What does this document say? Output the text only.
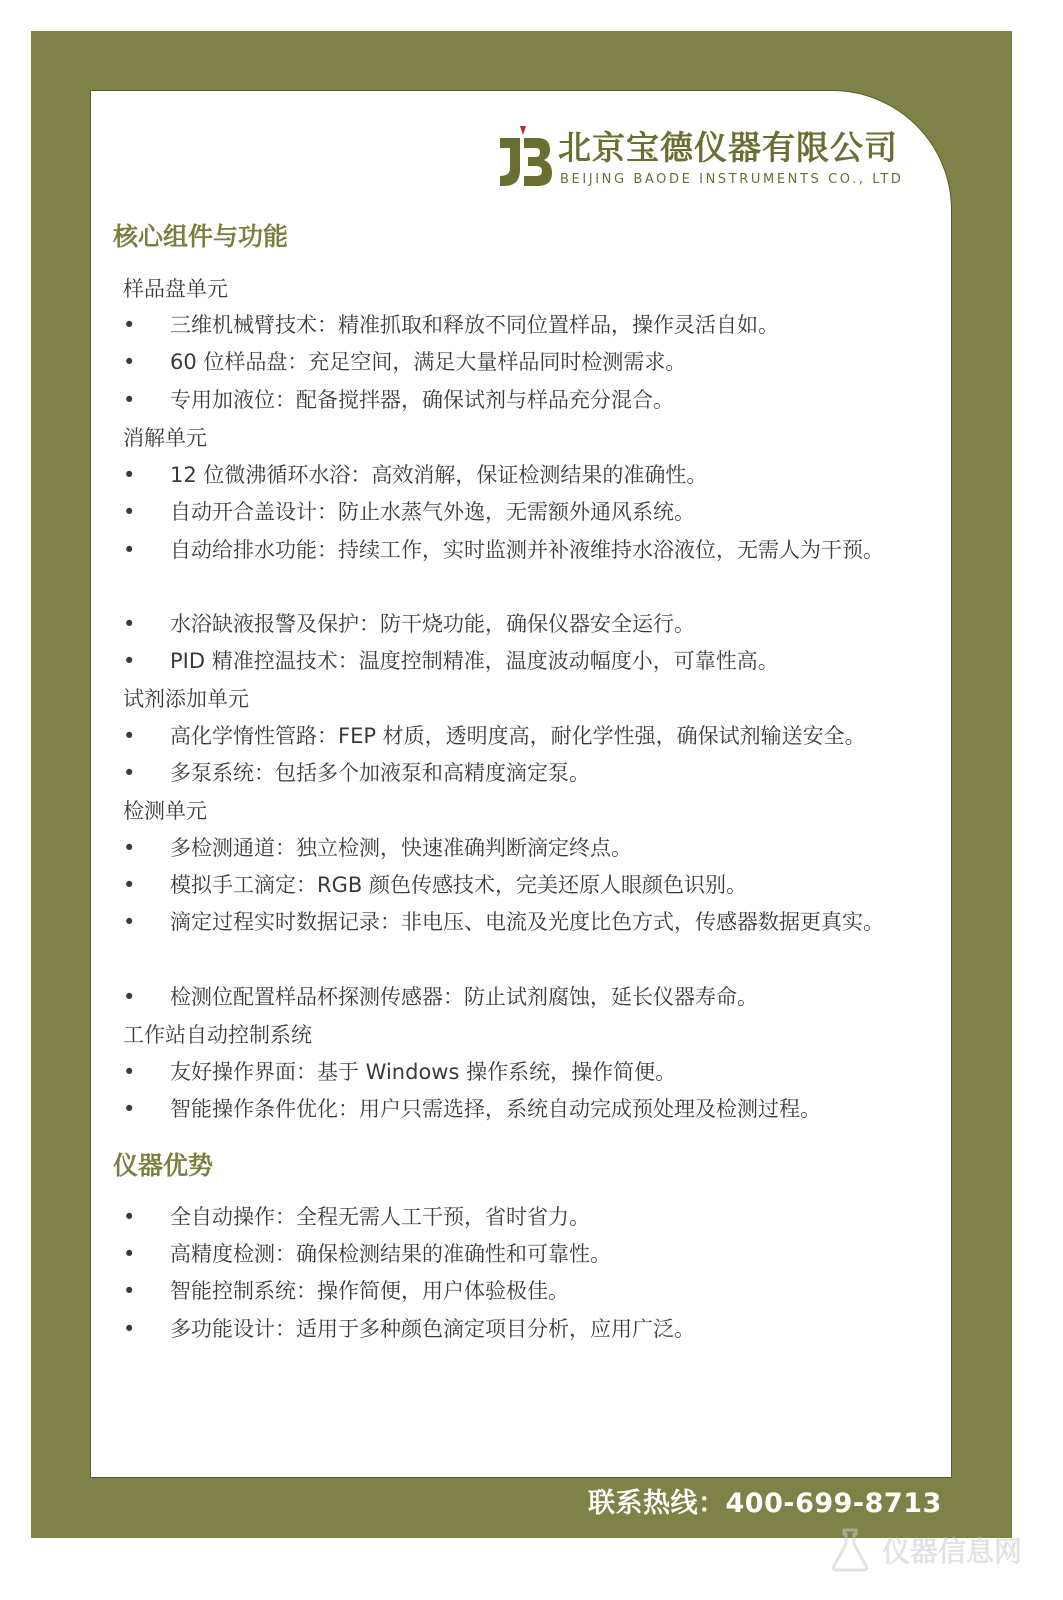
北京宝德仪器有限公司
BEIJING BAODE INSTRUMENTS CO., LTD
核心组件与功能
样品盘单元
• 三维机械臂技术：精准抓取和释放不同位置样品，操作灵活自如。
• 60 位样品盘：充足空间，满足大量样品同时检测需求。
• 专用加液位：配备搅拌器，确保试剂与样品充分混合。
消解单元
• 12 位微沸循环水浴：高效消解，保证检测结果的准确性。
• 自动开合盖设计：防止水蒸气外逸，无需额外通风系统。
• 自动给排水功能：持续工作，实时监测并补液维持水浴液位，无需人为干预。
• 水浴缺液报警及保护：防干烧功能，确保仪器安全运行。
• PID 精准控温技术：温度控制精准，温度波动幅度小，可靠性高。
试剂添加单元
• 高化学惰性管路：FEP 材质，透明度高，耐化学性强，确保试剂输送安全。
• 多泵系统：包括多个加液泵和高精度滴定泵。
检测单元
• 多检测通道：独立检测，快速准确判断滴定终点。
• 模拟手工滴定：RGB 颜色传感技术，完美还原人眼颜色识别。
• 滴定过程实时数据记录：非电压、电流及光度比色方式，传感器数据更真实。
• 检测位配置样品杯探测传感器：防止试剂腐蚀，延长仪器寿命。
工作站自动控制系统
• 友好操作界面：基于 Windows 操作系统，操作简便。
• 智能操作条件优化：用户只需选择，系统自动完成预处理及检测过程。
仪器优势
• 全自动操作：全程无需人工干预，省时省力。
• 高精度检测：确保检测结果的准确性和可靠性。
• 智能控制系统：操作简便，用户体验极佳。
• 多功能设计：适用于多种颜色滴定项目分析，应用广泛。
联系热线：400-699-8713
仪器信息网
